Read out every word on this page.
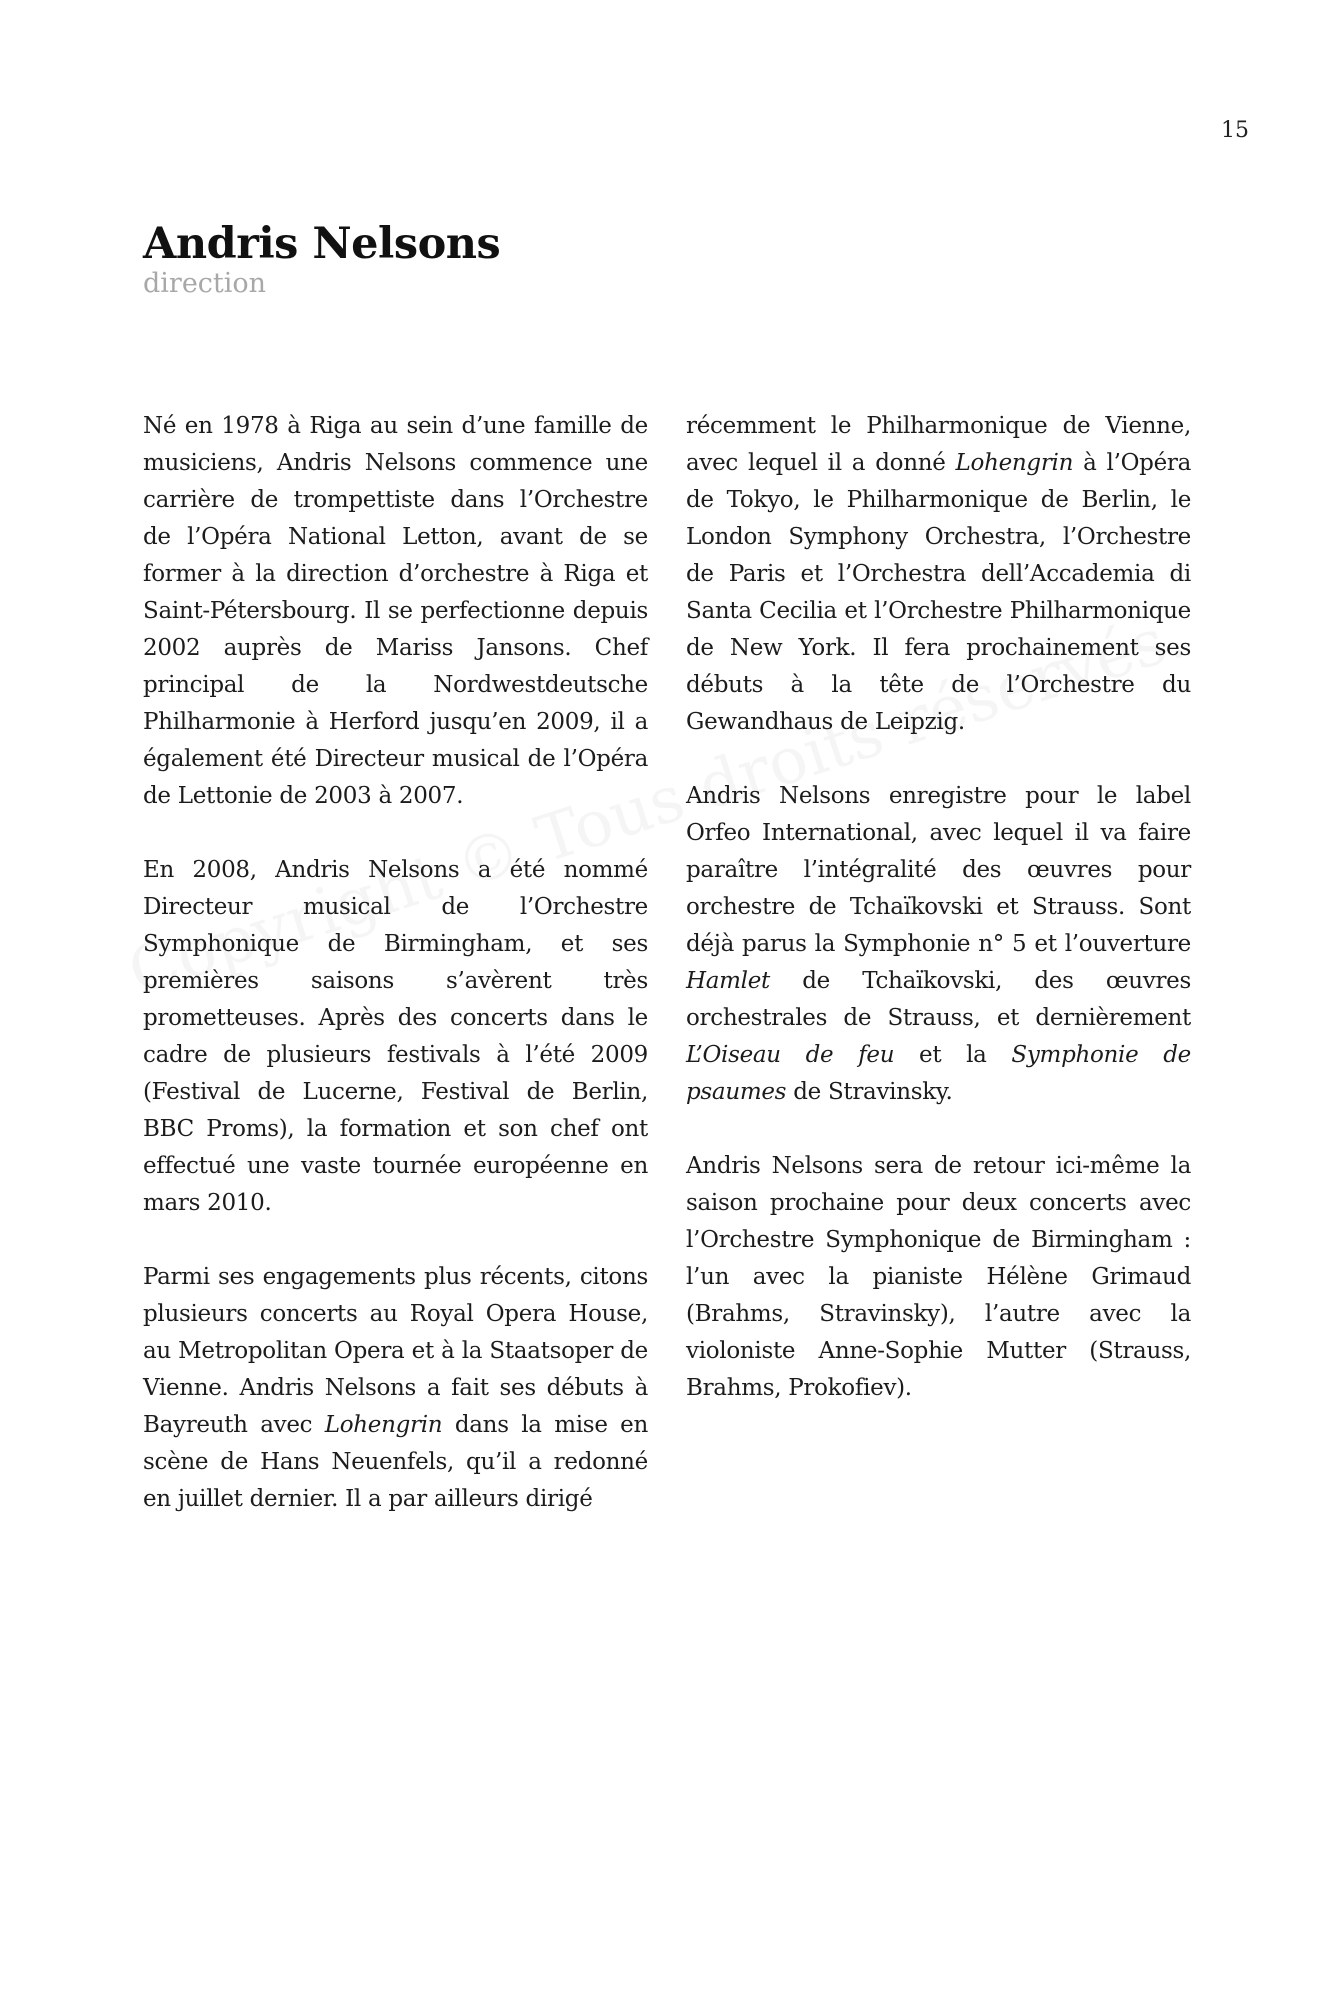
15
Andris Nelsons
direction

Né en 1978 à Riga au sein d’une famille de musiciens, Andris Nelsons commence une carrière de trompettiste dans l’Orchestre de l’Opéra National Letton, avant de se former à la direction d’orchestre à Riga et Saint-Pétersbourg. Il se perfectionne depuis 2002 auprès de Mariss Jansons. Chef principal de la Nordwestdeutsche Philharmonie à Herford jusqu’en 2009, il a également été Directeur musical de l’Opéra de Lettonie de 2003 à 2007.

En 2008, Andris Nelsons a été nommé Directeur musical de l’Orchestre Symphonique de Birmingham, et ses premières saisons s’avèrent très prometteuses. Après des concerts dans le cadre de plusieurs festivals à l’été 2009 (Festival de Lucerne, Festival de Berlin, BBC Proms), la formation et son chef ont effectué une vaste tournée européenne en mars 2010.

Parmi ses engagements plus récents, citons plusieurs concerts au Royal Opera House, au Metropolitan Opera et à la Staatsoper de Vienne. Andris Nelsons a fait ses débuts à Bayreuth avec Lohengrin dans la mise en scène de Hans Neuenfels, qu’il a redonné en juillet dernier. Il a par ailleurs dirigé

récemment le Philharmonique de Vienne, avec lequel il a donné Lohengrin à l’Opéra de Tokyo, le Philharmonique de Berlin, le London Symphony Orchestra, l’Orchestre de Paris et l’Orchestra dell’Accademia di Santa Cecilia et l’Orchestre Philharmonique de New York. Il fera prochainement ses débuts à la tête de l’Orchestre du Gewandhaus de Leipzig.

Andris Nelsons enregistre pour le label Orfeo International, avec lequel il va faire paraître l’intégralité des œuvres pour orchestre de Tchaïkovski et Strauss. Sont déjà parus la Symphonie n° 5 et l’ouverture Hamlet de Tchaïkovski, des œuvres orchestrales de Strauss, et dernièrement L’Oiseau de feu et la Symphonie de psaumes de Stravinsky.

Andris Nelsons sera de retour ici-même la saison prochaine pour deux concerts avec l’Orchestre Symphonique de Birmingham : l’un avec la pianiste Hélène Grimaud (Brahms, Stravinsky), l’autre avec la violoniste Anne-Sophie Mutter (Strauss, Brahms, Prokofiev).
